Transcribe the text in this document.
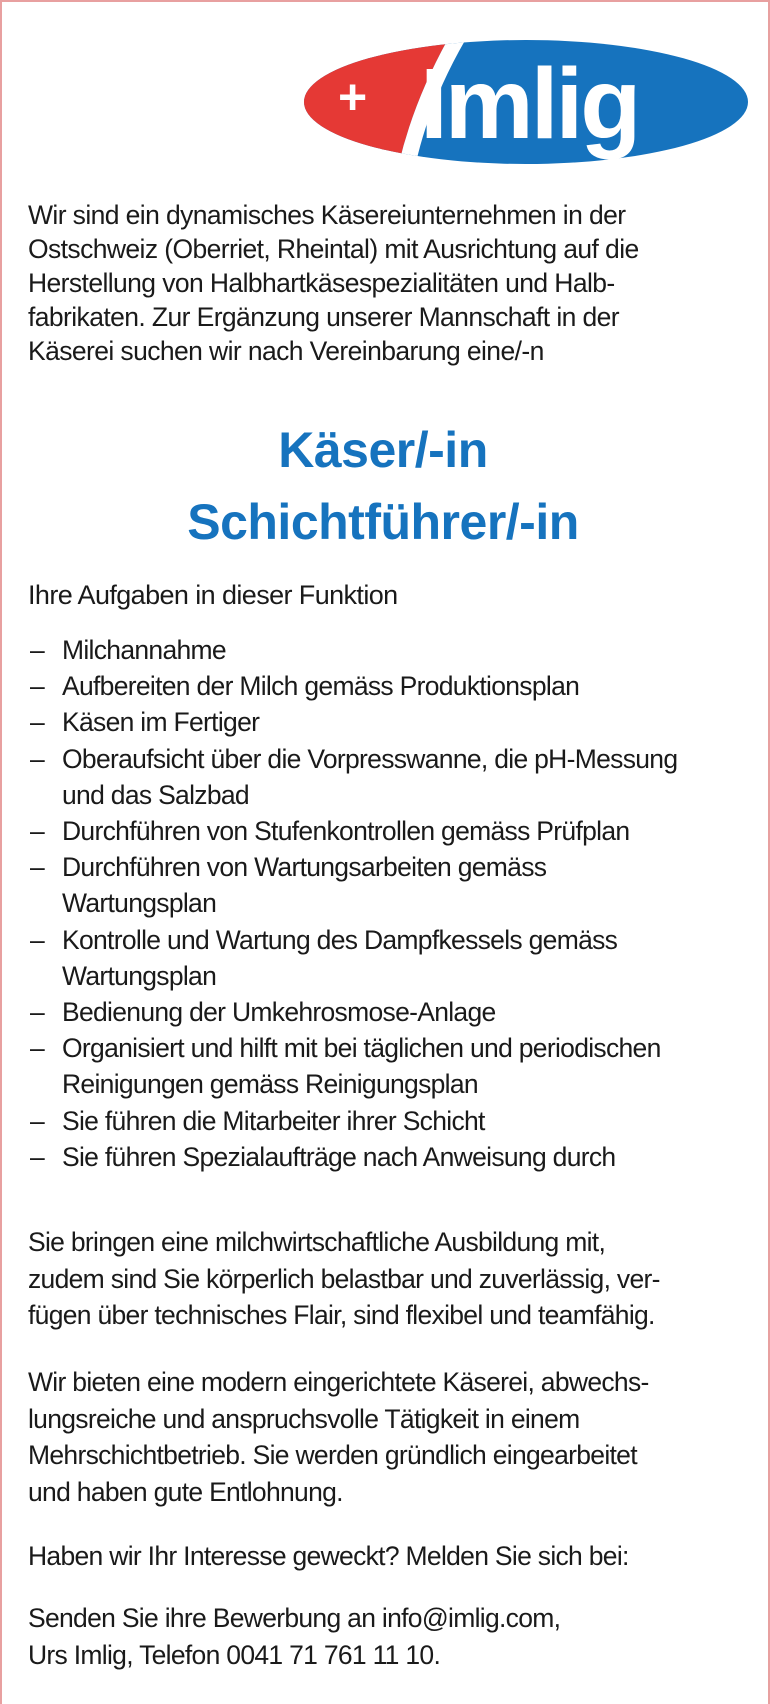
+ Imlig
Wir sind ein dynamisches Käsereiunternehmen in der
Ostschweiz (Oberriet, Rheintal) mit Ausrichtung auf die
Herstellung von Halbhartkäsespezialitäten und Halb-
fabrikaten. Zur Ergänzung unserer Mannschaft in der
Käserei suchen wir nach Vereinbarung eine/-n
Käser/-in
Schichtführer/-in
Ihre Aufgaben in dieser Funktion
– Milchannahme
– Aufbereiten der Milch gemäss Produktionsplan
– Käsen im Fertiger
– Oberaufsicht über die Vorpresswanne, die pH-Messung
und das Salzbad
– Durchführen von Stufenkontrollen gemäss Prüfplan
– Durchführen von Wartungsarbeiten gemäss
Wartungsplan
– Kontrolle und Wartung des Dampfkessels gemäss
Wartungsplan
– Bedienung der Umkehrosmose-Anlage
– Organisiert und hilft mit bei täglichen und periodischen
Reinigungen gemäss Reinigungsplan
– Sie führen die Mitarbeiter ihrer Schicht
– Sie führen Spezialaufträge nach Anweisung durch
Sie bringen eine milchwirtschaftliche Ausbildung mit,
zudem sind Sie körperlich belastbar und zuverlässig, ver-
fügen über technisches Flair, sind flexibel und teamfähig.
Wir bieten eine modern eingerichtete Käserei, abwechs-
lungsreiche und anspruchsvolle Tätigkeit in einem
Mehrschichtbetrieb. Sie werden gründlich eingearbeitet
und haben gute Entlohnung.
Haben wir Ihr Interesse geweckt? Melden Sie sich bei:
Senden Sie ihre Bewerbung an info@imlig.com,
Urs Imlig, Telefon 0041 71 761 11 10.
